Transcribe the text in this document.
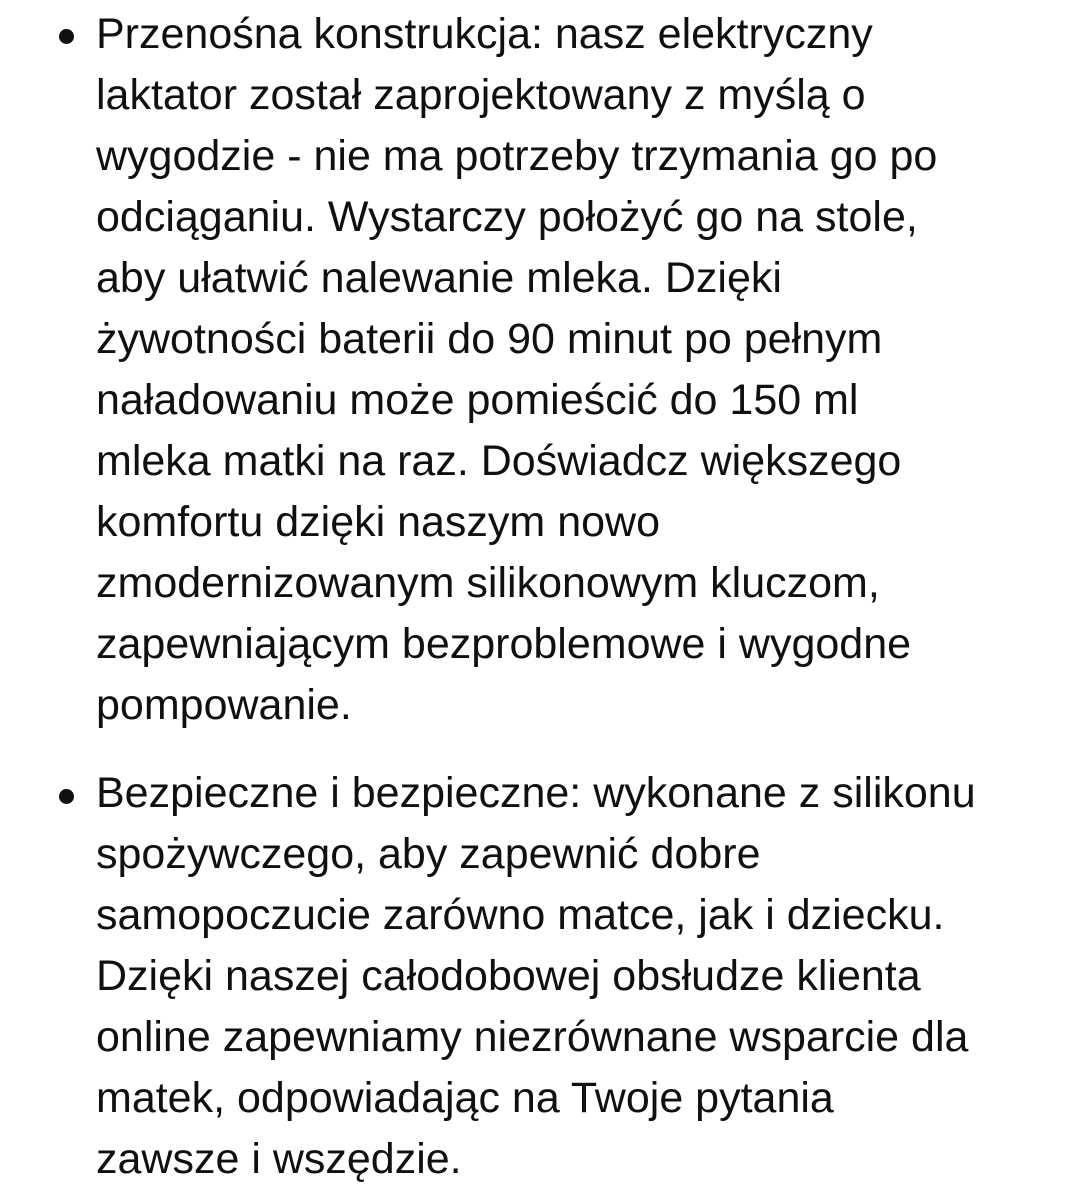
Przenośna konstrukcja: nasz elektryczny
laktator został zaprojektowany z myślą o
wygodzie - nie ma potrzeby trzymania go po
odciąganiu. Wystarczy położyć go na stole,
aby ułatwić nalewanie mleka. Dzięki
żywotności baterii do 90 minut po pełnym
naładowaniu może pomieścić do 150 ml
mleka matki na raz. Doświadcz większego
komfortu dzięki naszym nowo
zmodernizowanym silikonowym kluczom,
zapewniającym bezproblemowe i wygodne
pompowanie.
Bezpieczne i bezpieczne: wykonane z silikonu
spożywczego, aby zapewnić dobre
samopoczucie zarówno matce, jak i dziecku.
Dzięki naszej całodobowej obsłudze klienta
online zapewniamy niezrównane wsparcie dla
matek, odpowiadając na Twoje pytania
zawsze i wszędzie.
